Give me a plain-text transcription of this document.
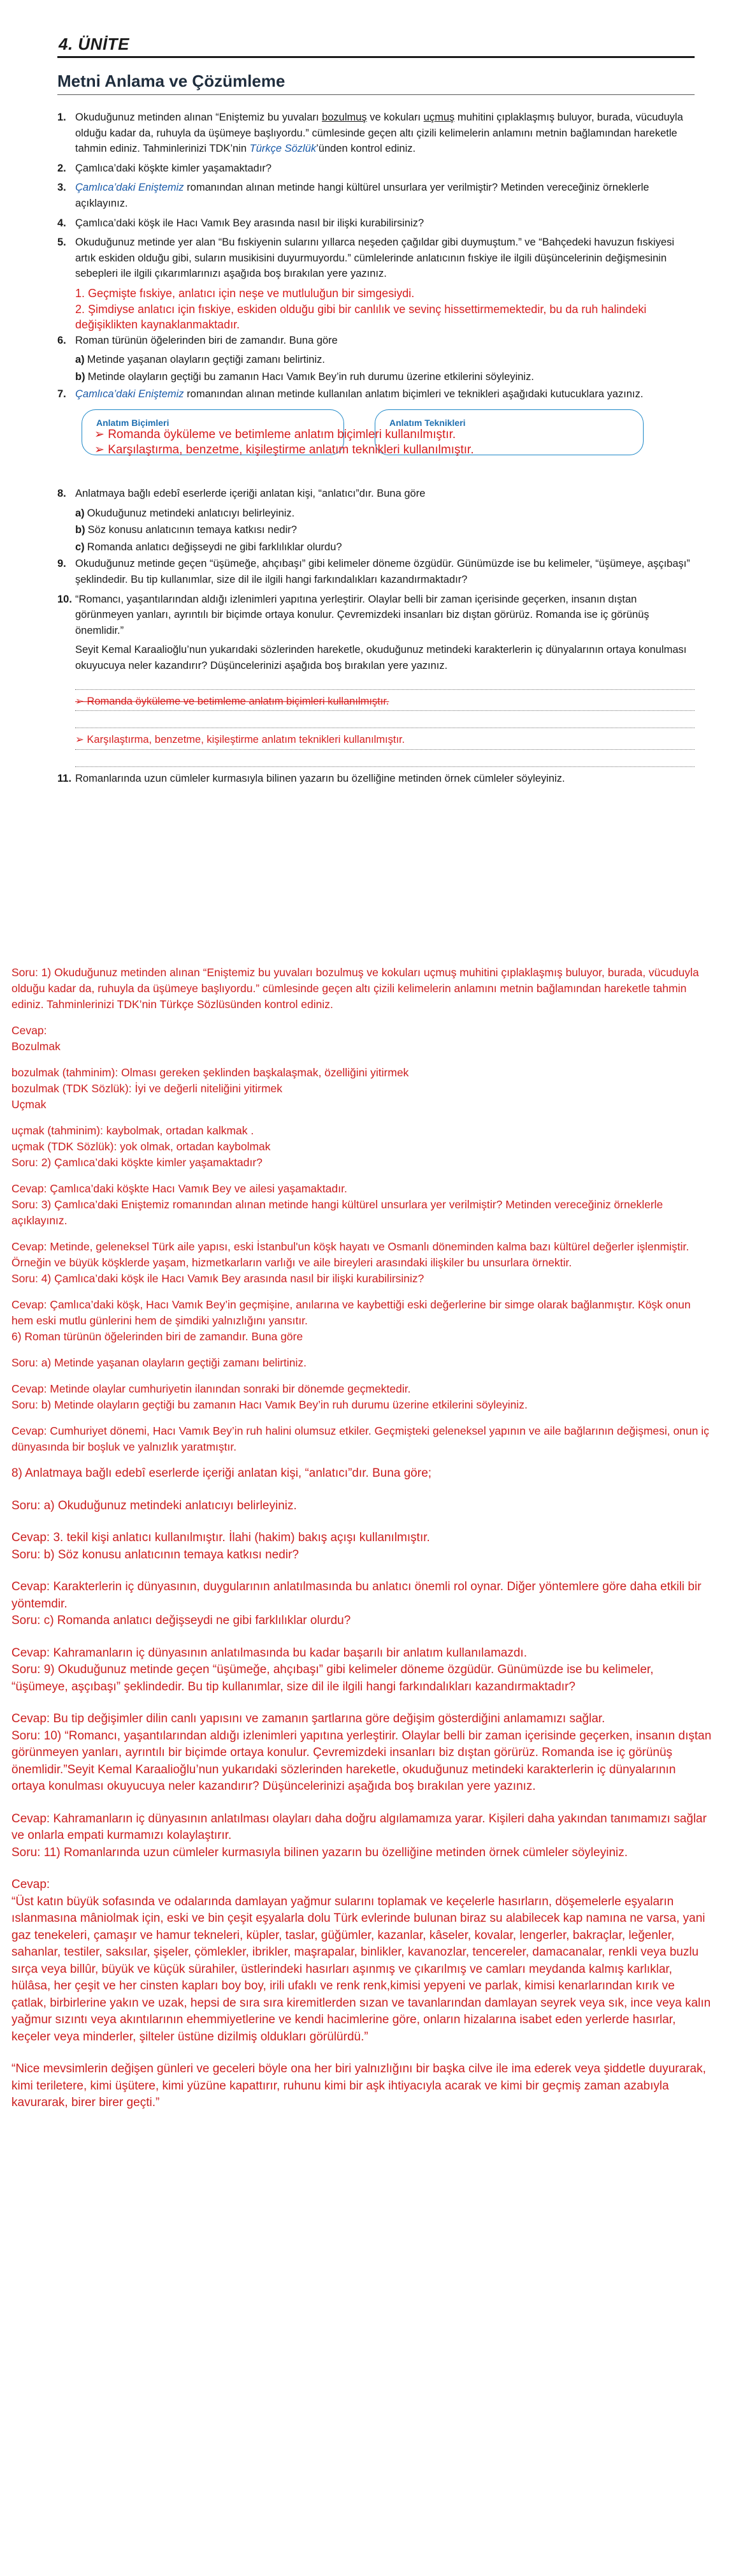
4. ÜNİTE
Metni Anlama ve Çözümleme
1. Okuduğunuz metinden alınan “Eniştemiz bu yuvaları bozulmuş ve kokuları uçmuş muhitini çıplaklaşmış buluyor, burada, vücuduyla olduğu kadar da, ruhuyla da üşümeye başlıyordu.” cümlesinde geçen altı çizili kelimelerin anlamını metnin bağlamından hareketle tahmin ediniz. Tahminlerinizi TDK’nin Türkçe Sözlük’ünden kontrol ediniz.
2. Çamlıca’daki köşkte kimler yaşamaktadır?
3. Çamlıca’daki Eniştemiz romanından alınan metinde hangi kültürel unsurlara yer verilmiştir? Metinden vereceğiniz örneklerle açıklayınız.
4. Çamlıca’daki köşk ile Hacı Vamık Bey arasında nasıl bir ilişki kurabilirsiniz?
5. Okuduğunuz metinde yer alan “Bu fıskiyenin sularını yıllarca neşeden çağıldar gibi duymuştum.” ve “Bahçedeki havuzun fıskiyesi artık eskiden olduğu gibi, suların musikisini duyurmuyordu.” cümlelerinde anlatıcının fıskiye ile ilgili düşüncelerinin değişmesinin sebepleri ile ilgili çıkarımlarınızı aşağıda boş bırakılan yere yazınız.
1. Geçmişte fıskiye, anlatıcı için neşe ve mutluluğun bir simgesiydi.
2. Şimdiyse anlatıcı için fıskiye, eskiden olduğu gibi bir canlılık ve sevinç hissettirmemektedir, bu da ruh halindeki değişiklikten kaynaklanmaktadır.
6. Roman türünün öğelerinden biri de zamandır. Buna göre
a) Metinde yaşanan olayların geçtiği zamanı belirtiniz.
b) Metinde olayların geçtiği bu zamanın Hacı Vamık Bey’in ruh durumu üzerine etkilerini söyleyiniz.
7. Çamlıca’daki Eniştemiz romanından alınan metinde kullanılan anlatım biçimleri ve teknikleri aşağıdaki kutucuklara yazınız.
Anlatım Biçimleri	Anlatım Teknikleri
➢ Romanda öyküleme ve betimleme anlatım biçimleri kullanılmıştır.
➢ Karşılaştırma, benzetme, kişileştirme anlatım teknikleri kullanılmıştır.
8. Anlatmaya bağlı edebî eserlerde içeriği anlatan kişi, “anlatıcı”dır. Buna göre
a) Okuduğunuz metindeki anlatıcıyı belirleyiniz.
b) Söz konusu anlatıcının temaya katkısı nedir?
c) Romanda anlatıcı değişseydi ne gibi farklılıklar olurdu?
9. Okuduğunuz metinde geçen “üşümeğe, ahçıbaşı” gibi kelimeler döneme özgüdür. Günümüzde ise bu kelimeler, “üşümeye, aşçıbaşı” şeklindedir. Bu tip kullanımlar, size dil ile ilgili hangi farkındalıkları kazandırmaktadır?
10. “Romancı, yaşantılarından aldığı izlenimleri yapıtına yerleştirir. Olaylar belli bir zaman içerisinde geçerken, insanın dıştan görünmeyen yanları, ayrıntılı bir biçimde ortaya konulur. Çevremizdeki insanları biz dıştan görürüz. Romanda ise iç görünüş önemlidir.”
Seyit Kemal Karaalioğlu’nun yukarıdaki sözlerinden hareketle, okuduğunuz metindeki karakterlerin iç dünyalarının ortaya konulması okuyucuya neler kazandırır? Düşüncelerinizi aşağıda boş bırakılan yere yazınız.
➢ Romanda öyküleme ve betimleme anlatım biçimleri kullanılmıştır.
➢ Karşılaştırma, benzetme, kişileştirme anlatım teknikleri kullanılmıştır.
11. Romanlarında uzun cümleler kurmasıyla bilinen yazarın bu özelliğine metinden örnek cümleler söyleyiniz.

Soru: 1) Okuduğunuz metinden alınan “Eniştemiz bu yuvaları bozulmuş ve kokuları uçmuş muhitini çıplaklaşmış buluyor, burada, vücuduyla olduğu kadar da, ruhuyla da üşümeye başlıyordu.” cümlesinde geçen altı çizili kelimelerin anlamını metnin bağlamından hareketle tahmin ediniz. Tahminlerinizi TDK’nin Türkçe Sözlüsünden kontrol ediniz.

Cevap:

Bozulmak

bozulmak (tahminim): Olması gereken şeklinden başkalaşmak, özelliğini yitirmek

bozulmak (TDK Sözlük): İyi ve değerli niteliğini yitirmek

Uçmak

uçmak (tahminim): kaybolmak, ortadan kalkmak .

uçmak (TDK Sözlük): yok olmak, ortadan kaybolmak

Soru: 2) Çamlıca’daki köşkte kimler yaşamaktadır?

Cevap: Çamlıca’daki köşkte Hacı Vamık Bey ve ailesi yaşamaktadır.

Soru: 3) Çamlıca’daki Eniştemiz romanından alınan metinde hangi kültürel unsurlara yer verilmiştir? Metinden vereceğiniz örneklerle açıklayınız.

Cevap: Metinde, geleneksel Türk aile yapısı, eski İstanbul'un köşk hayatı ve Osmanlı döneminden kalma bazı kültürel değerler işlenmiştir. Örneğin ve büyük köşklerde yaşam, hizmetkarların varlığı ve aile bireyleri arasındaki ilişkiler bu unsurlara örnektir.

Soru: 4) Çamlıca’daki köşk ile Hacı Vamık Bey arasında nasıl bir ilişki kurabilirsiniz?

Cevap: Çamlıca’daki köşk, Hacı Vamık Bey’in geçmişine, anılarına ve kaybettiği eski değerlerine bir simge olarak bağlanmıştır. Köşk onun hem eski mutlu günlerini hem de şimdiki yalnızlığını yansıtır.

6) Roman türünün öğelerinden biri de zamandır. Buna göre

Soru: a) Metinde yaşanan olayların geçtiği zamanı belirtiniz.

Cevap: Metinde olaylar cumhuriyetin ilanından sonraki bir dönemde geçmektedir.

Soru: b) Metinde olayların geçtiği bu zamanın Hacı Vamık Bey’in ruh durumu üzerine etkilerini söyleyiniz.

Cevap: Cumhuriyet dönemi, Hacı Vamık Bey’in ruh halini olumsuz etkiler. Geçmişteki geleneksel yapının ve aile bağlarının değişmesi, onun iç dünyasında bir boşluk ve yalnızlık yaratmıştır.

8) Anlatmaya bağlı edebî eserlerde içeriği anlatan kişi, “anlatıcı”dır. Buna göre;

Soru: a) Okuduğunuz metindeki anlatıcıyı belirleyiniz.

Cevap: 3. tekil kişi anlatıcı kullanılmıştır. İlahi (hakim) bakış açışı kullanılmıştır.

Soru: b) Söz konusu anlatıcının temaya katkısı nedir?

Cevap: Karakterlerin iç dünyasının, duygularının anlatılmasında bu anlatıcı önemli rol oynar. Diğer yöntemlere göre daha etkili bir yöntemdir.

Soru: c) Romanda anlatıcı değişseydi ne gibi farklılıklar olurdu?

Cevap: Kahramanların iç dünyasının anlatılmasında bu kadar başarılı bir anlatım kullanılamazdı.

Soru: 9) Okuduğunuz metinde geçen “üşümeğe, ahçıbaşı” gibi kelimeler döneme özgüdür. Günümüzde ise bu kelimeler, “üşümeye, aşçıbaşı” şeklindedir. Bu tip kullanımlar, size dil ile ilgili hangi farkındalıkları kazandırmaktadır?

Cevap: Bu tip değişimler dilin canlı yapısını ve zamanın şartlarına göre değişim gösterdiğini anlamamızı sağlar.

Soru: 10) “Romancı, yaşantılarından aldığı izlenimleri yapıtına yerleştirir. Olaylar belli bir zaman içerisinde geçerken, insanın dıştan görünmeyen yanları, ayrıntılı bir biçimde ortaya konulur. Çevremizdeki insanları biz dıştan görürüz. Romanda ise iç görünüş önemlidir.”Seyit Kemal Karaalioğlu’nun yukarıdaki sözlerinden hareketle, okuduğunuz metindeki karakterlerin iç dünyalarının ortaya konulması okuyucuya neler kazandırır? Düşüncelerinizi aşağıda boş bırakılan yere yazınız.

Cevap: Kahramanların iç dünyasının anlatılması olayları daha doğru algılamamıza yarar. Kişileri daha yakından tanımamızı sağlar ve onlarla empati kurmamızı kolaylaştırır.

Soru: 11) Romanlarında uzun cümleler kurmasıyla bilinen yazarın bu özelliğine metinden örnek cümleler söyleyiniz.

Cevap:

“Üst katın büyük sofasında ve odalarında damlayan yağmur sularını toplamak ve keçelerle hasırların, döşemelerle eşyaların ıslanmasına mâniolmak için, eski ve bin çeşit eşyalarla dolu Türk evlerinde bulunan biraz su alabilecek kap namına ne varsa, yani gaz tenekeleri, çamaşır ve hamur tekneleri, küpler, taslar, güğümler, kazanlar, kâseler, kovalar, lengerler, bakraçlar, leğenler, sahanlar, testiler, saksılar, şişeler, çömlekler, ibrikler, maşrapalar, binlikler, kavanozlar, tencereler, damacanalar, renkli veya buzlu sırça veya billûr, büyük ve küçük sürahiler, üstlerindeki hasırları aşınmış ve çıkarılmış ve camları meydanda kalmış karlıklar, hülâsa, her çeşit ve her cinsten kapları boy boy, irili ufaklı ve renk renk,kimisi yepyeni ve parlak, kimisi kenarlarından kırık ve çatlak, birbirlerine yakın ve uzak, hepsi de sıra sıra kiremitlerden sızan ve tavanlarından damlayan seyrek veya sık, ince veya kalın yağmur sızıntı veya akıntılarının ehemmiyetlerine ve kendi hacimlerine göre, onların hizalarına isabet eden yerlerde hasırlar, keçeler veya minderler, şilteler üstüne dizilmiş oldukları görülürdü.”

“Nice mevsimlerin değişen günleri ve geceleri böyle ona her biri yalnızlığını bir başka cilve ile ima ederek veya şiddetle duyurarak, kimi teriletere, kimi üşütere, kimi yüzüne kapattırır, ruhunu kimi bir aşk ihtiyacıyla acarak ve kimi bir geçmiş zaman azabıyla kavurarak, birer birer geçti.”
